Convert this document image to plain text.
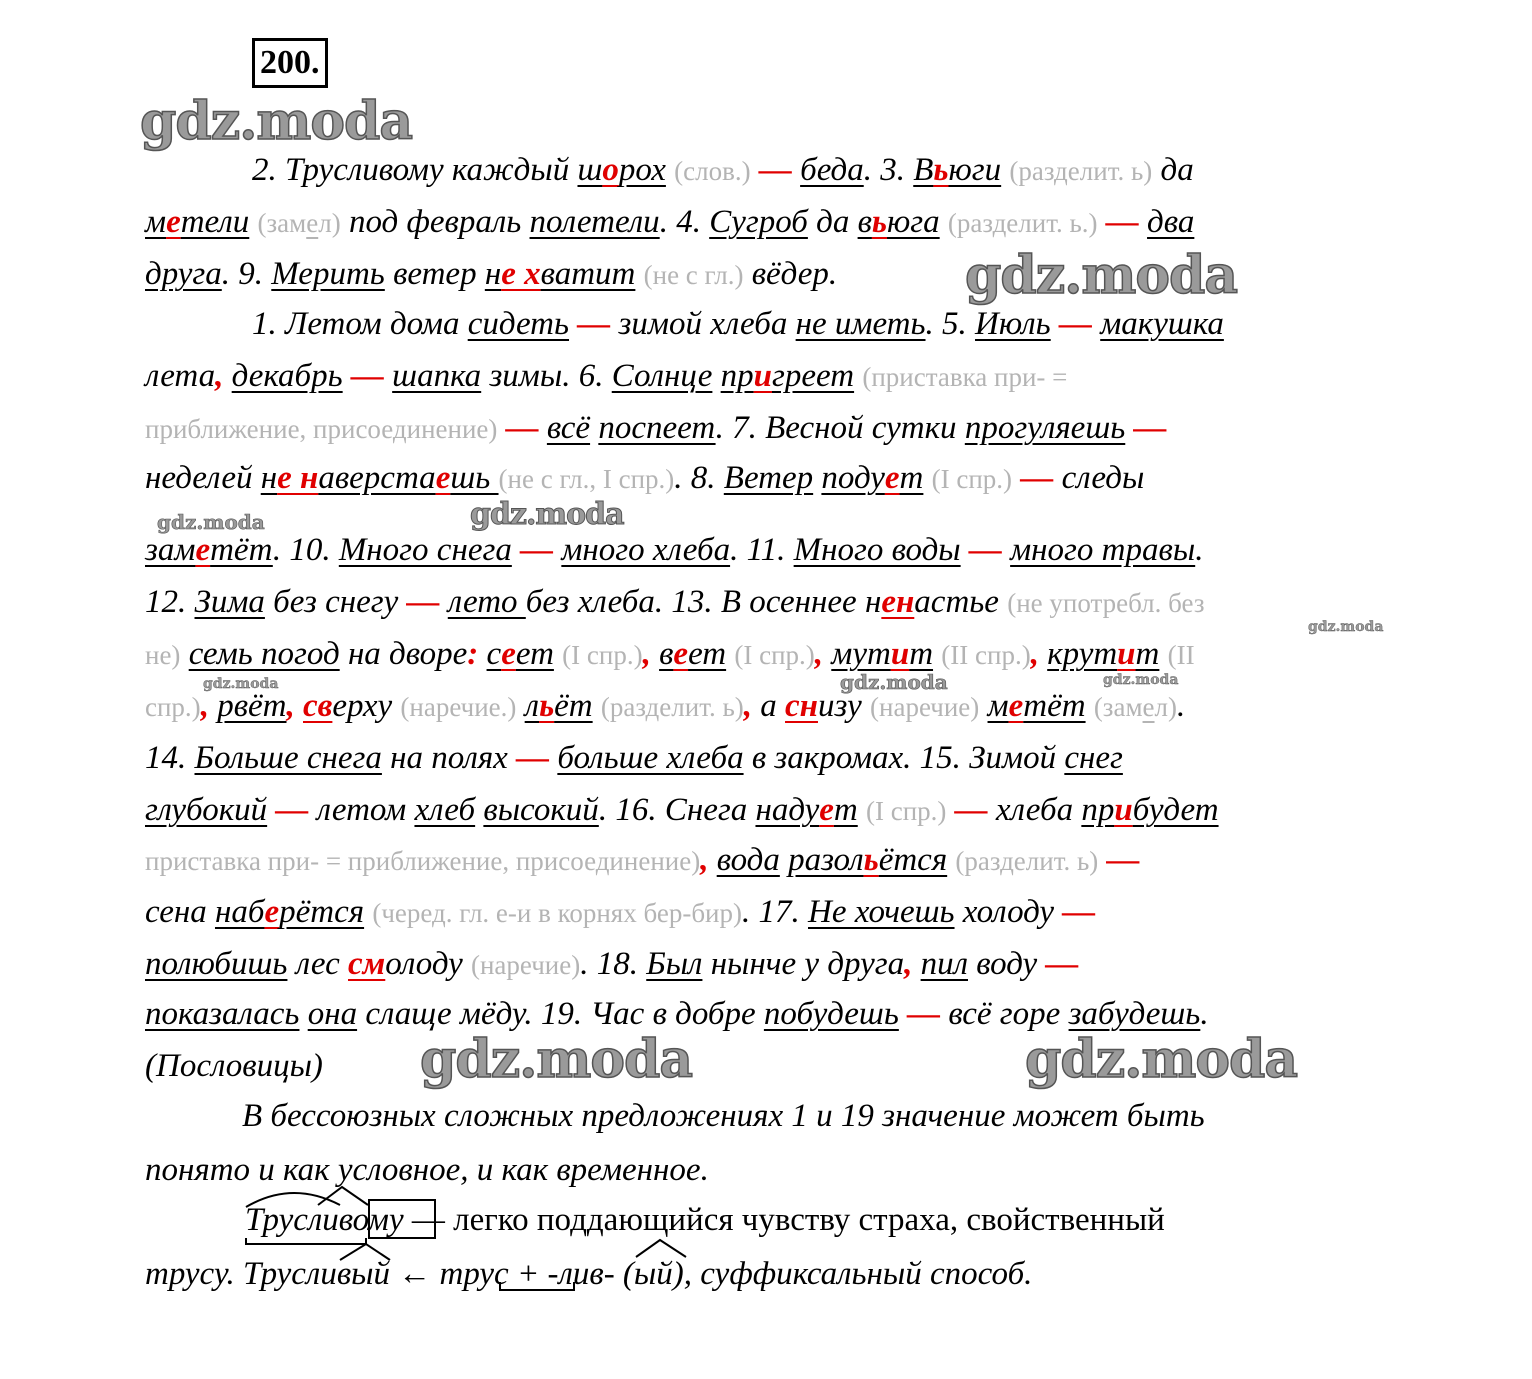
200.
gdz.moda
gdz.moda
gdz.moda	gdz.moda
gdz.moda
gdz.moda	gdz.moda	gdz.moda
gdz.moda	gdz.moda
2. Трусливому каждый шорох (слов.) — беда. 3. Вьюги (разделит. ь) да
метели (замел) под февраль полетели. 4. Сугроб да вьюга (разделит. ь.) — два
друга. 9. Мерить ветер не хватит (не с гл.) вёдер.
1. Летом дома сидеть — зимой хлеба не иметь. 5. Июль — макушка
лета, декабрь — шапка зимы. 6. Солнце пригреет (приставка при- =
приближение, присоединение) — всё поспеет. 7. Весной сутки прогуляешь —
неделей не наверстаешь (не с гл., I спр.). 8. Ветер подует (I спр.) — следы
заметёт. 10. Много снега — много хлеба. 11. Много воды — много травы.
12. Зима без снегу — лето без хлеба. 13. В осеннее ненастье (не употребл. без
не) семь погод на дворе: сеет (I спр.), веет (I спр.), мутит (II спр.), крутит (II
спр.), рвёт, сверху (наречие.) льёт (разделит. ь), а снизу (наречие) метёт (замел).
14. Больше снега на полях — больше хлеба в закромах. 15. Зимой снег
глубокий — летом хлеб высокий. 16. Снега надует (I спр.) — хлеба прибудет
приставка при- = приближение, присоединение), вода разольётся (разделит. ь) —
сена наберётся (черед. гл. е-и в корнях бер-бир). 17. Не хочешь холоду —
полюбишь лес смолоду (наречие). 18. Был нынче у друга, пил воду —
показалась она слаще мёду. 19. Час в добре побудешь — всё горе забудешь.
(Пословицы)
В бессоюзных сложных предложениях 1 и 19 значение может быть
понято и как условное, и как временное.
Трусливому — легко поддающийся чувству страха, свойственный
трусу. Трусливый ← трус + -лив- (ый), суффиксальный способ.
